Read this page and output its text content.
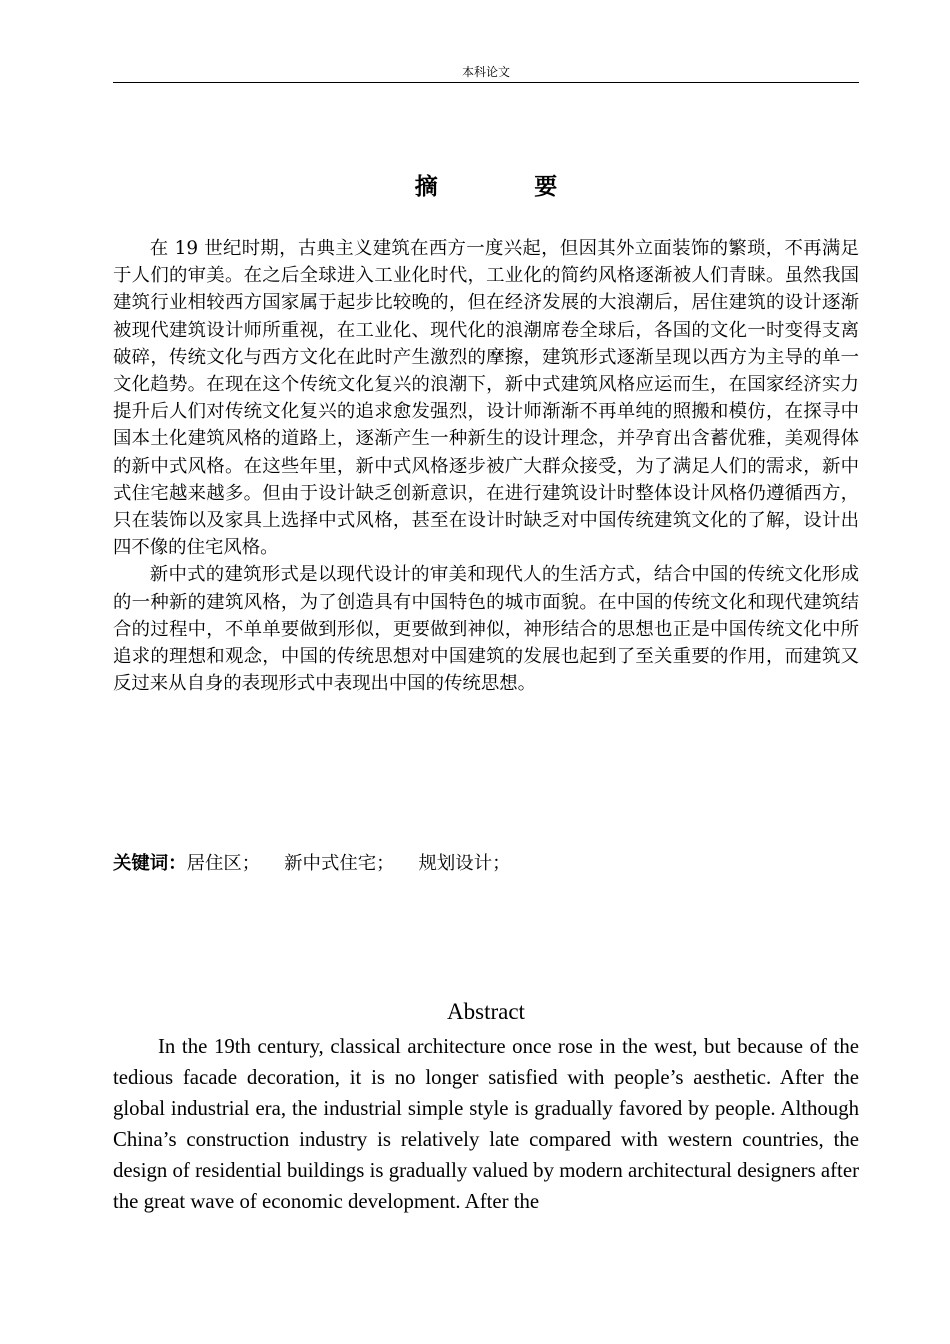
本科论文
摘　要

在 19 世纪时期，古典主义建筑在西方一度兴起，但因其外立面装饰的繁琐，不再满足于人们的审美。在之后全球进入工业化时代，工业化的简约风格逐渐被人们青睐。虽然我国建筑行业相较西方国家属于起步比较晚的，但在经济发展的大浪潮后，居住建筑的设计逐渐被现代建筑设计师所重视，在工业化、现代化的浪潮席卷全球后，各国的文化一时变得支离破碎，传统文化与西方文化在此时产生激烈的摩擦，建筑形式逐渐呈现以西方为主导的单一文化趋势。在现在这个传统文化复兴的浪潮下，新中式建筑风格应运而生，在国家经济实力提升后人们对传统文化复兴的追求愈发强烈，设计师渐渐不再单纯的照搬和模仿，在探寻中国本土化建筑风格的道路上，逐渐产生一种新生的设计理念，并孕育出含蓄优雅，美观得体的新中式风格。在这些年里，新中式风格逐步被广大群众接受，为了满足人们的需求，新中式住宅越来越多。但由于设计缺乏创新意识，在进行建筑设计时整体设计风格仍遵循西方，只在装饰以及家具上选择中式风格，甚至在设计时缺乏对中国传统建筑文化的了解，设计出四不像的住宅风格。

新中式的建筑形式是以现代设计的审美和现代人的生活方式，结合中国的传统文化形成的一种新的建筑风格，为了创造具有中国特色的城市面貌。在中国的传统文化和现代建筑结合的过程中，不单单要做到形似，更要做到神似，神形结合的思想也正是中国传统文化中所追求的理想和观念，中国的传统思想对中国建筑的发展也起到了至关重要的作用，而建筑又反过来从自身的表现形式中表现出中国的传统思想。

关键词：居住区； 新中式住宅； 规划设计；
Abstract

In the 19th century, classical architecture once rose in the west, but because of the tedious facade decoration, it is no longer satisfied with people’s aesthetic. After the global industrial era, the industrial simple style is gradually favored by people. Although China’s construction industry is relatively late compared with western countries, the design of residential buildings is gradually valued by modern architectural designers after the great wave of economic development. After the
